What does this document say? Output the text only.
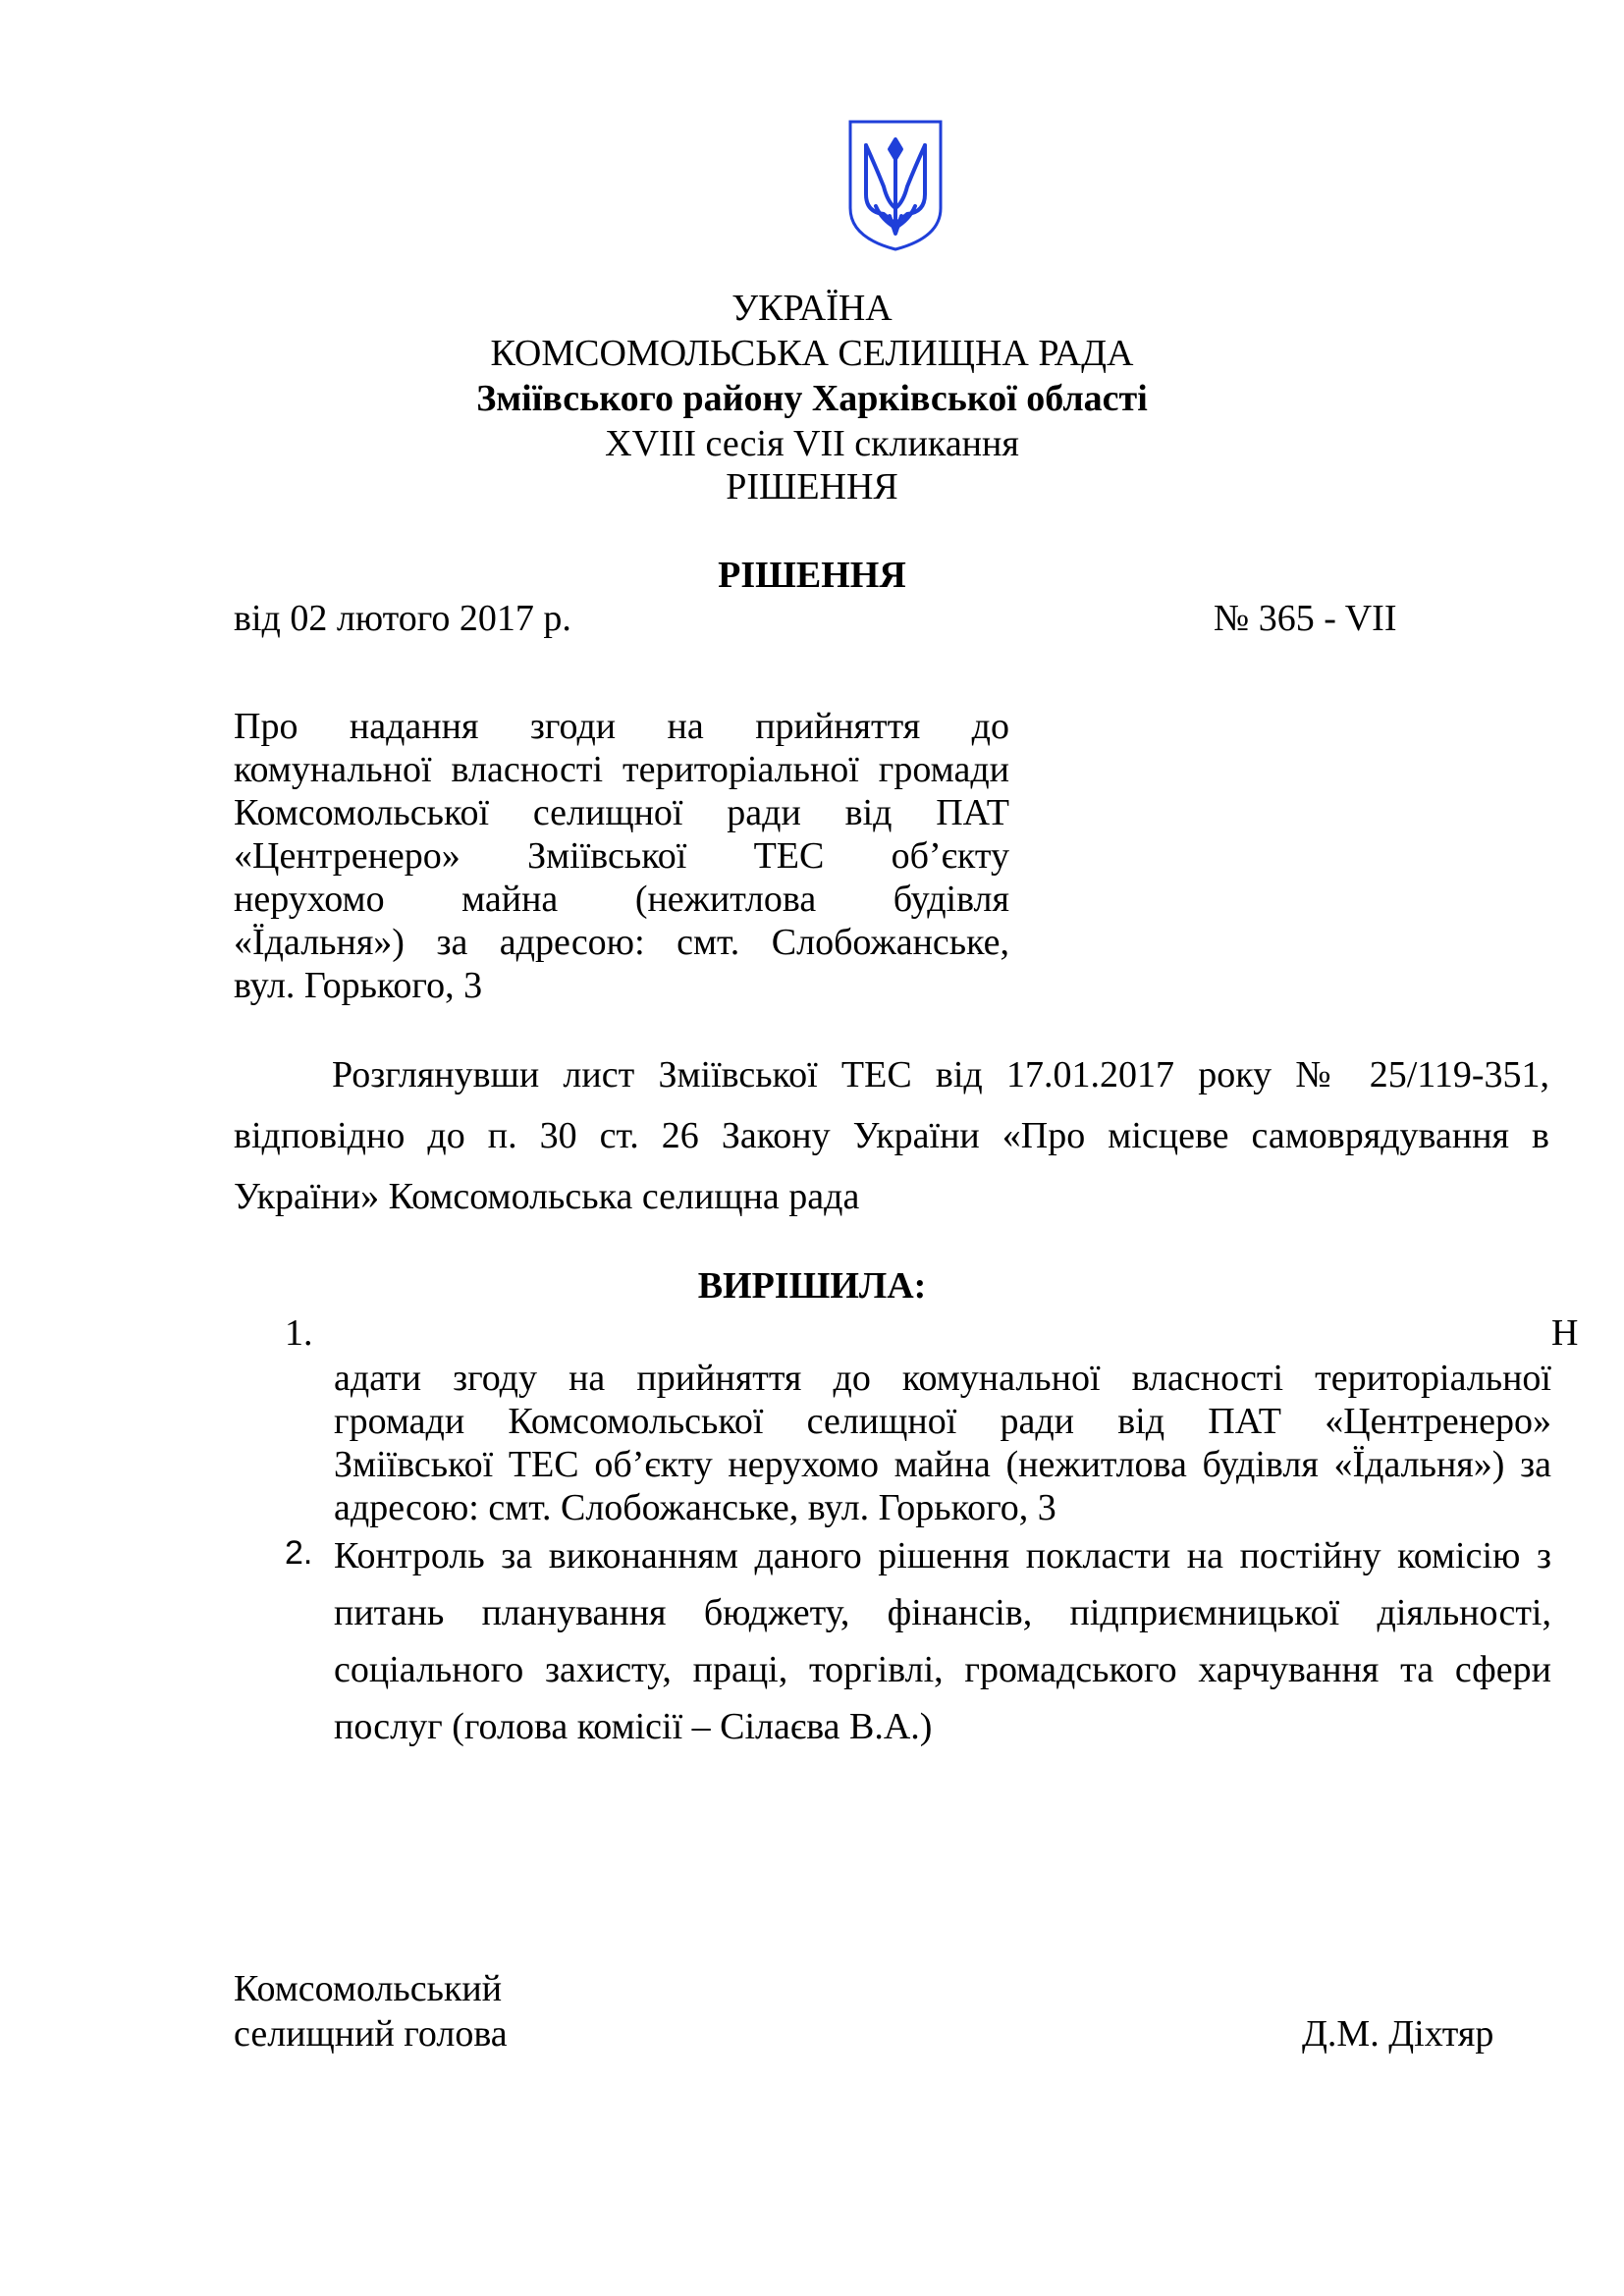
УКРАЇНА
КОМСОМОЛЬСЬКА СЕЛИЩНА РАДА
Зміївського району Харківської області
XVIII сесія VII скликання
РІШЕННЯ
РІШЕННЯ
від 02 лютого 2017 р.	№ 365 - VІІ
Про надання згоди на прийняття до
комунальної власності територіальної громади
Комсомольської селищної ради від ПАТ
«Центренеро» Зміївської ТЕС об’єкту
нерухомо майна (нежитлова будівля
«Їдальня») за адресою: смт. Слобожанське,
вул. Горького, 3
Розглянувши лист Зміївської ТЕС від 17.01.2017 року № 25/119-351,
відповідно до п. 30 ст. 26 Закону України «Про місцеве самоврядування в
України» Комсомольська селищна рада
ВИРІШИЛА:
1.	Н
адати згоду на прийняття до комунальної власності територіальної
громади Комсомольської селищної ради від ПАТ «Центренеро»
Зміївської ТЕС об’єкту нерухомо майна (нежитлова будівля «Їдальня») за
адресою: смт. Слобожанське, вул. Горького, 3
2. Контроль за виконанням даного рішення покласти на постійну комісію з
питань планування бюджету, фінансів, підприємницької діяльності,
соціального захисту, праці, торгівлі, громадського харчування та сфери
послуг (голова комісії – Сілаєва В.А.)
Комсомольський
селищний голова	Д.М. Діхтяр
